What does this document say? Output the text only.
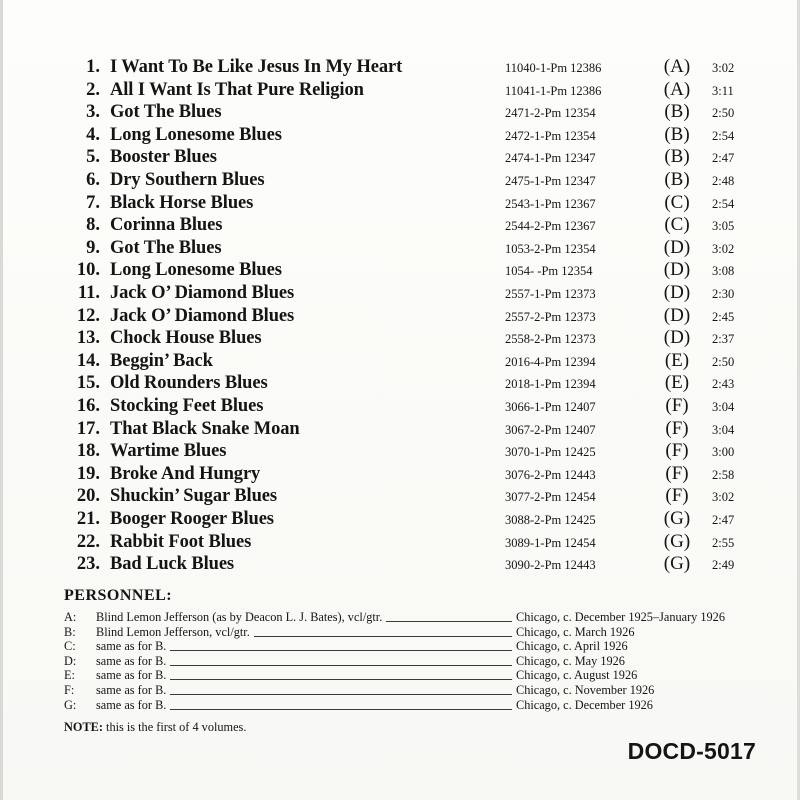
1. I Want To Be Like Jesus In My Heart	11040-1-Pm 12386	(A) 3:02
2. All I Want Is That Pure Religion	11041-1-Pm 12386	(A) 3:11
3. Got The Blues	2471-2-Pm 12354	(B) 2:50
4. Long Lonesome Blues	2472-1-Pm 12354	(B) 2:54
5. Booster Blues	2474-1-Pm 12347	(B) 2:47
6. Dry Southern Blues	2475-1-Pm 12347	(B) 2:48
7. Black Horse Blues	2543-1-Pm 12367	(C) 2:54
8. Corinna Blues	2544-2-Pm 12367	(C) 3:05
9. Got The Blues	1053-2-Pm 12354	(D) 3:02
10. Long Lonesome Blues	1054- -Pm 12354	(D) 3:08
11. Jack O’ Diamond Blues	2557-1-Pm 12373	(D) 2:30
12. Jack O’ Diamond Blues	2557-2-Pm 12373	(D) 2:45
13. Chock House Blues	2558-2-Pm 12373	(D) 2:37
14. Beggin’ Back	2016-4-Pm 12394	(E) 2:50
15. Old Rounders Blues	2018-1-Pm 12394	(E) 2:43
16. Stocking Feet Blues	3066-1-Pm 12407	(F) 3:04
17. That Black Snake Moan	3067-2-Pm 12407	(F) 3:04
18. Wartime Blues	3070-1-Pm 12425	(F) 3:00
19. Broke And Hungry	3076-2-Pm 12443	(F) 2:58
20. Shuckin’ Sugar Blues	3077-2-Pm 12454	(F) 3:02
21. Booger Rooger Blues	3088-2-Pm 12425	(G) 2:47
22. Rabbit Foot Blues	3089-1-Pm 12454	(G) 2:55
23. Bad Luck Blues	3090-2-Pm 12443	(G) 2:49
PERSONNEL:
A: Blind Lemon Jefferson (as by Deacon L. J. Bates), vcl/gtr.	Chicago, c. December 1925–January 1926
B: Blind Lemon Jefferson, vcl/gtr.	Chicago, c. March 1926
C: same as for B.	Chicago, c. April 1926
D: same as for B.	Chicago, c. May 1926
E: same as for B.	Chicago, c. August 1926
F: same as for B.	Chicago, c. November 1926
G: same as for B.	Chicago, c. December 1926
NOTE: this is the first of 4 volumes.
DOCD-5017
